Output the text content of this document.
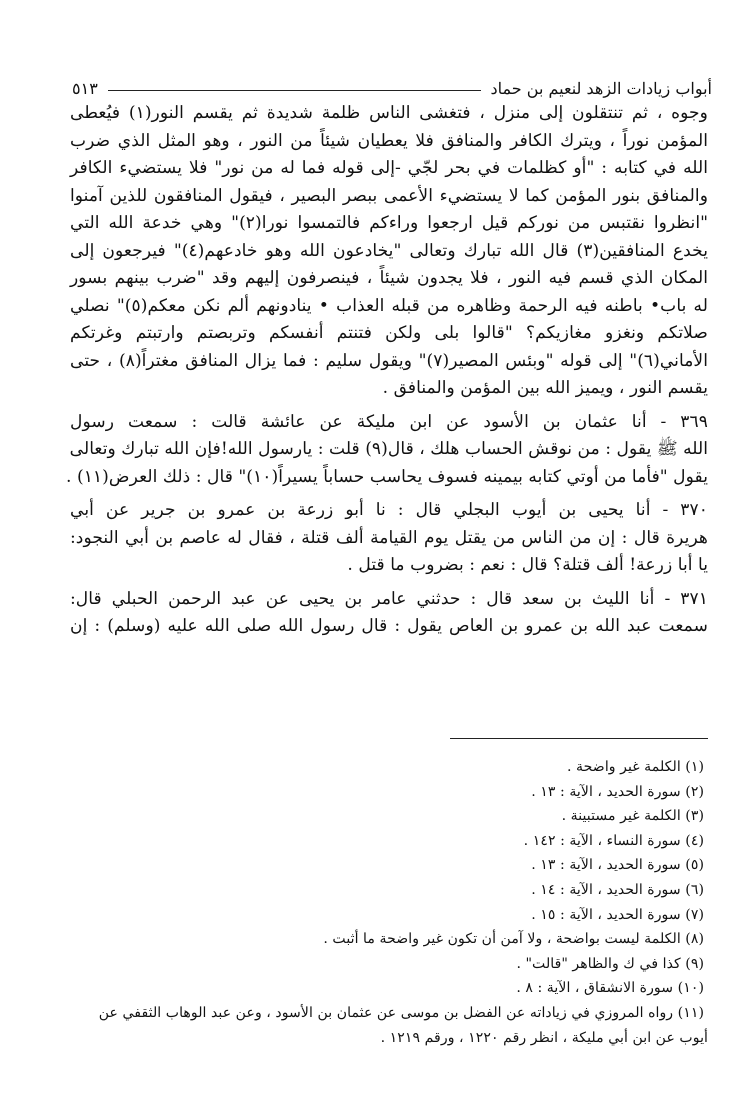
أبواب زيادات الزهد لنعيم بن حماد
٥١٣
وجوه ، ثم تنتقلون إلى منزل ، فتغشى الناس ظلمة شديدة ثم يقسم النور(١) فيُعطى
المؤمن نوراً ، ويترك الكافر والمنافق فلا يعطيان شيئاً من النور ، وهو المثل الذي ضرب
الله في كتابه : "أو كظلمات في بحر لجّي -إلى قوله فما له من نور" فلا يستضيء الكافر
والمنافق بنور المؤمن كما لا يستضيء الأعمى ببصر البصير ، فيقول المنافقون للذين آمنوا
"انظروا نقتبس من نوركم قيل ارجعوا وراءكم فالتمسوا نورا(٢)" وهي خدعة الله التي
يخدع المنافقين(٣) قال الله تبارك وتعالى "يخادعون الله وهو خادعهم(٤)" فيرجعون إلى
المكان الذي قسم فيه النور ، فلا يجدون شيئاً ، فينصرفون إليهم وقد "ضرب بينهم بسور
له باب• باطنه فيه الرحمة وظاهره من قبله العذاب • ينادونهم ألم نكن معكم(٥)" نصلي
صلاتكم ونغزو مغازيكم؟ "قالوا بلى ولكن فتنتم أنفسكم وتربصتم وارتبتم وغرتكم
الأماني(٦)" إلى قوله "وبئس المصير(٧)" ويقول سليم : فما يزال المنافق مغتراً(٨) ، حتى
يقسم النور ، ويميز الله بين المؤمن والمنافق .
٣٦٩ - أنا عثمان بن الأسود عن ابن مليكة عن عائشة قالت : سمعت رسول
الله ﷺ يقول : من نوقش الحساب هلك ، قال(٩) قلت : يارسول الله!فإن الله تبارك وتعالى
يقول "فأما من أوتي كتابه بيمينه فسوف يحاسب حساباً يسيراً(١٠)" قال : ذلك العرض(١١) .
٣٧٠ - أنا يحيى بن أيوب البجلي قال : نا أبو زرعة بن عمرو بن جرير عن أبي
هريرة قال : إن من الناس من يقتل يوم القيامة ألف قتلة ، فقال له عاصم بن أبي النجود:
يا أبا زرعة! ألف قتلة؟ قال : نعم : بضروب ما قتل .
٣٧١ - أنا الليث بن سعد قال : حدثني عامر بن يحيى عن عبد الرحمن الحبلي قال:
سمعت عبد الله بن عمرو بن العاص يقول : قال رسول الله صلى الله عليه (وسلم) : إن
(١) الكلمة غير واضحة .
(٢) سورة الحديد ، الآية : ١٣ .
(٣) الكلمة غير مستبينة .
(٤) سورة النساء ، الآية : ١٤٢ .
(٥) سورة الحديد ، الآية : ١٣ .
(٦) سورة الحديد ، الآية : ١٤ .
(٧) سورة الحديد ، الآية : ١٥ .
(٨) الكلمة ليست بواضحة ، ولا آمن أن تكون غير واضحة ما أثبت .
(٩) كذا في ك والظاهر "قالت" .
(١٠) سورة الانشقاق ، الآية : ٨ .
(١١) رواه المروزي في زياداته عن الفضل بن موسى عن عثمان بن الأسود ، وعن عبد الوهاب الثقفي عن
أيوب عن ابن أبي مليكة ، انظر رقم ١٢٢٠ ، ورقم ١٢١٩ .
